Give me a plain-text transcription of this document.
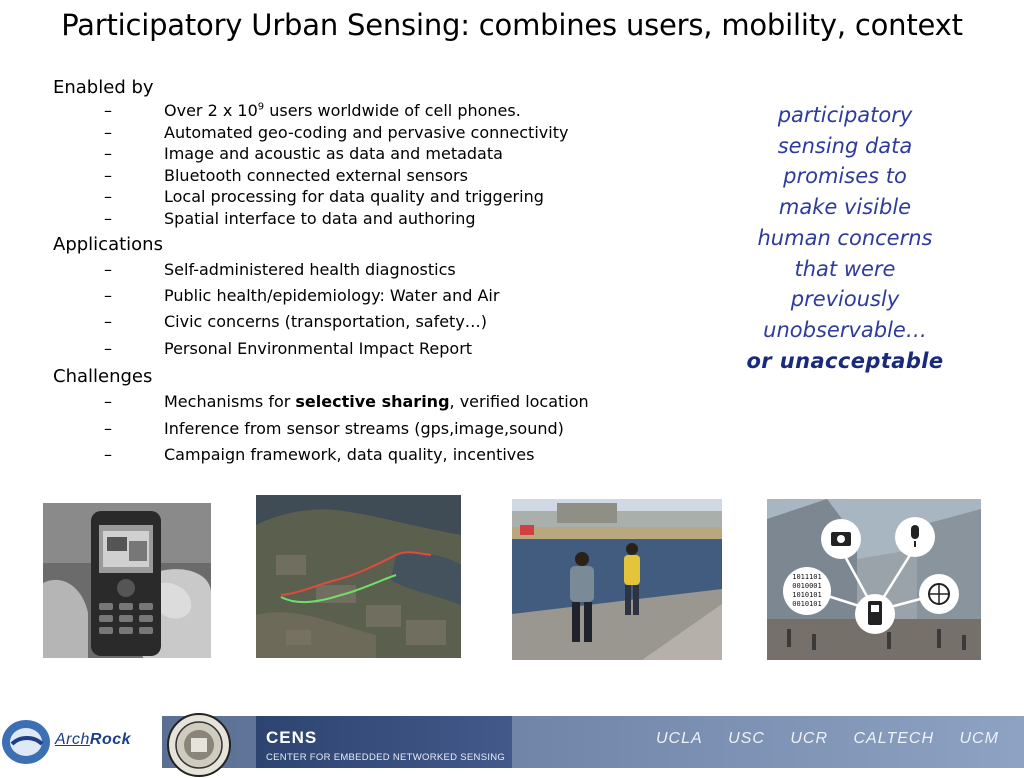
Participatory Urban Sensing: combines users, mobility, context
Enabled by
–	Over 2 x $10^9$ users worldwide of cell phones.
–	Automated geo-coding and pervasive connectivity
–	Image and acoustic as data and metadata
–	Bluetooth connected external sensors
–	Local processing for data quality and triggering
–	Spatial interface to data and authoring
Applications
–	Self-administered health diagnostics
–	Public health/epidemiology: Water and Air
–	Civic concerns (transportation, safety…)
–	Personal Environmental Impact Report
Challenges
–	Mechanisms for selective sharing, verified location
–	Inference from sensor streams (gps,image,sound)
–	Campaign framework, data quality, incentives
participatory
sensing data
promises to
make visible
human concerns
that were
previously
unobservable…
or unacceptable
1011101
0010001
1010101
0010101
ArchRock	CENS
CENTER FOR EMBEDDED NETWORKED SENSING
UCLA USC UCR CALTECH UCM
